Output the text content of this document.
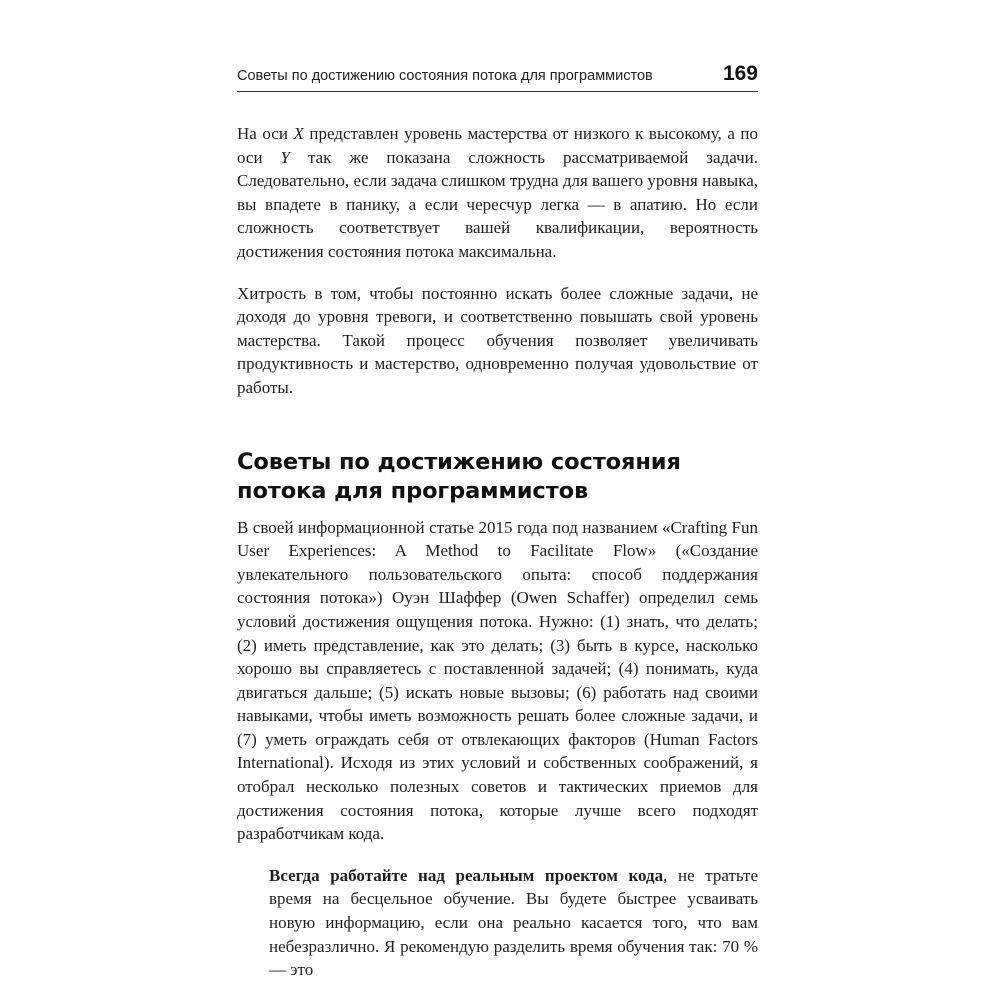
Советы по достижению состояния потока для программистов	169

На оси X представлен уровень мастерства от низкого к высокому, а по оси Y так же показана сложность рассматриваемой задачи. Следовательно, если задача слишком трудна для вашего уровня навыка, вы впадете в панику, а если чересчур легка — в апатию. Но если сложность соответствует вашей квалификации, вероятность достижения состояния потока максимальна.

Хитрость в том, чтобы постоянно искать более сложные задачи, не доходя до уровня тревоги, и соответственно повышать свой уровень мастерства. Такой процесс обучения позволяет увеличивать продуктивность и мастерство, одновременно получая удовольствие от работы.

Советы по достижению состояния потока для программистов

В своей информационной статье 2015 года под названием «Crafting Fun User Experiences: A Method to Facilitate Flow» («Создание увлекательного пользовательского опыта: способ поддержания состояния потока») Оуэн Шаффер (Owen Schaffer) определил семь условий достижения ощущения потока. Нужно: (1) знать, что делать; (2) иметь представление, как это делать; (3) быть в курсе, насколько хорошо вы справляетесь с поставленной задачей; (4) понимать, куда двигаться дальше; (5) искать новые вызовы; (6) работать над своими навыками, чтобы иметь возможность решать более сложные задачи, и (7) уметь ограждать себя от отвлекающих факторов (Human Factors International). Исходя из этих условий и собственных соображений, я отобрал несколько полезных советов и тактических приемов для достижения состояния потока, которые лучше всего подходят разработчикам кода.

Всегда работайте над реальным проектом кода, не тратьте время на бесцельное обучение. Вы будете быстрее усваивать новую информацию, если она реально касается того, что вам небезразлично. Я рекомендую разделить время обучения так: 70 % — это
